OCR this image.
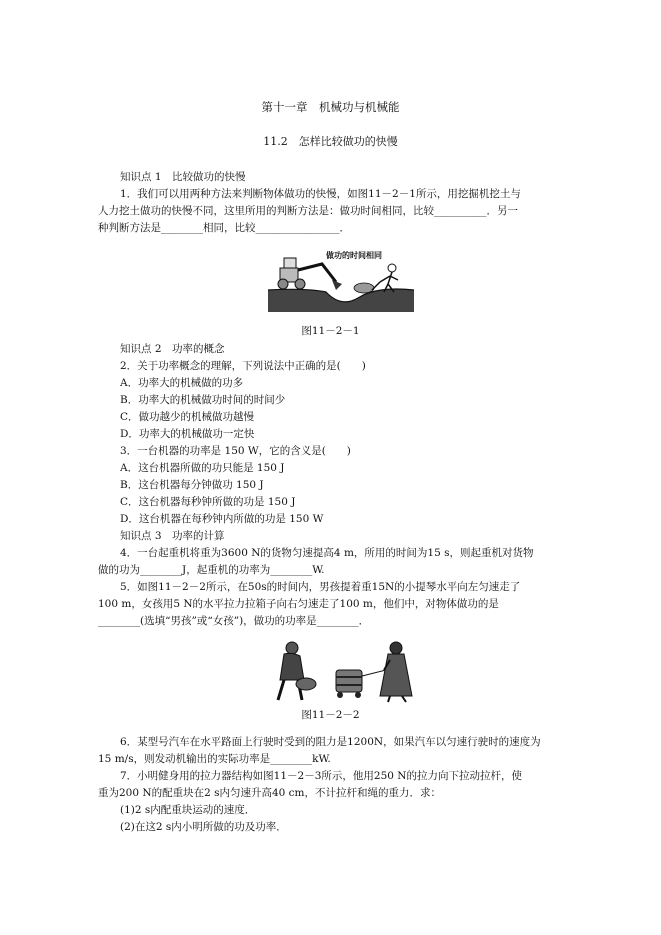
第十一章　机械功与机械能
11.2　怎样比较做功的快慢
知识点 1　比较做功的快慢
1．我们可以用两种方法来判断物体做功的快慢，如图11－2－1所示，用挖掘机挖土与
人力挖土做功的快慢不同，这里所用的判断方法是：做功时间相同，比较__________．另一
种判断方法是________相同，比较________________．
知识点 2　功率的概念
2．关于功率概念的理解，下列说法中正确的是(　　)
A．功率大的机械做的功多
B．功率大的机械做功时间的时间少
C．做功越少的机械做功越慢
D．功率大的机械做功一定快
3．一台机器的功率是 150 W，它的含义是(　　)
A．这台机器所做的功只能是 150 J
B．这台机器每分钟做功 150 J
C．这台机器每秒钟所做的功是 150 J
D．这台机器在每秒钟内所做的功是 150 W
知识点 3　功率的计算
4．一台起重机将重为3600 N的货物匀速提高4 m，所用的时间为15 s，则起重机对货物
做的功为________J，起重机的功率为________W.
5．如图11－2－2所示，在50s的时间内，男孩提着重15N的小提琴水平向左匀速走了
100 m，女孩用5 N的水平拉力拉箱子向右匀速走了100 m，他们中，对物体做功的是
________(选填“男孩”或“女孩”)，做功的功率是________．
6．某型号汽车在水平路面上行驶时受到的阻力是1200N，如果汽车以匀速行驶时的速度为
15 m/s，则发动机输出的实际功率是________kW.
7．小明健身用的拉力器结构如图11－2－3所示，他用250 N的拉力向下拉动拉杆，使
重为200 N的配重块在2 s内匀速升高40 cm，不计拉杆和绳的重力．求：
(1)2 s内配重块运动的速度．
(2)在这2 s内小明所做的功及功率．
做功的时间相同
图11－2－1
图11－2－2
